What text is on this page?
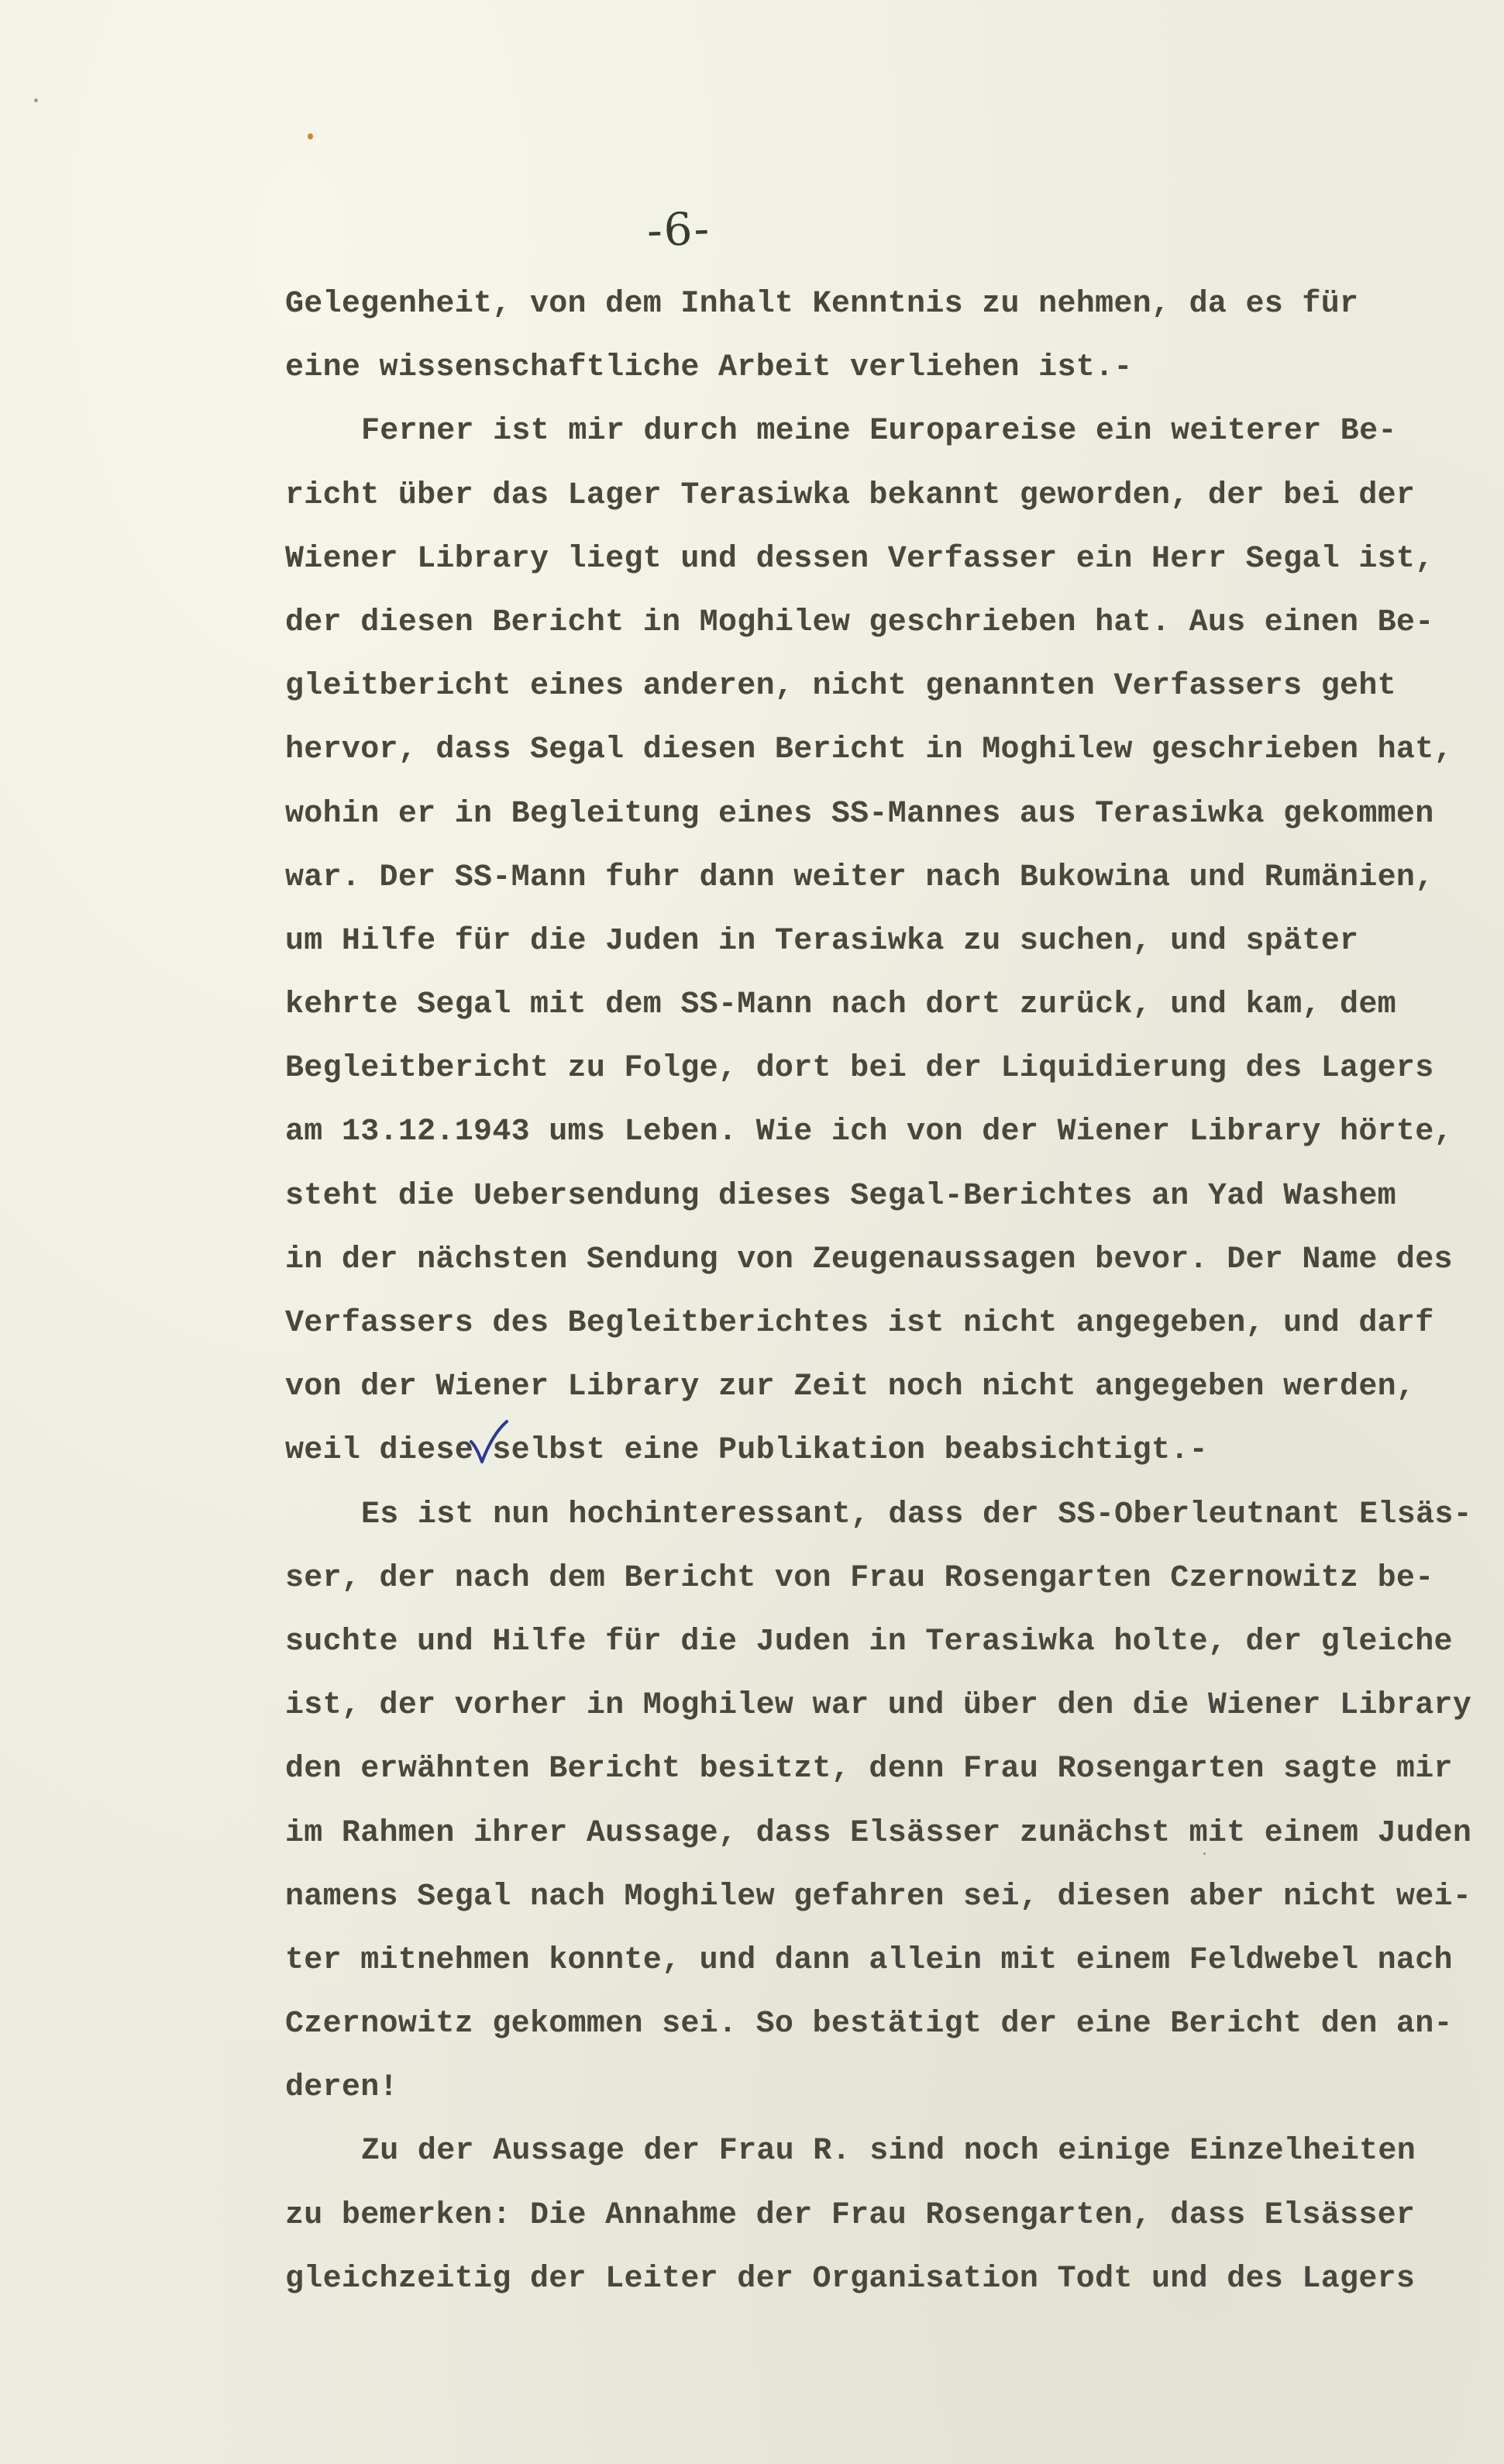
-6-
Gelegenheit, von dem Inhalt Kenntnis zu nehmen, da es für
eine wissenschaftliche Arbeit verliehen ist.-
Ferner ist mir durch meine Europareise ein weiterer Be-
richt über das Lager Terasiwka bekannt geworden, der bei der
Wiener Library liegt und dessen Verfasser ein Herr Segal ist,
der diesen Bericht in Moghilew geschrieben hat. Aus einen Be-
gleitbericht eines anderen, nicht genannten Verfassers geht
hervor, dass Segal diesen Bericht in Moghilew geschrieben hat,
wohin er in Begleitung eines SS-Mannes aus Terasiwka gekommen
war. Der SS-Mann fuhr dann weiter nach Bukowina und Rumänien,
um Hilfe für die Juden in Terasiwka zu suchen, und später
kehrte Segal mit dem SS-Mann nach dort zurück, und kam, dem
Begleitbericht zu Folge, dort bei der Liquidierung des Lagers
am 13.12.1943 ums Leben. Wie ich von der Wiener Library hörte,
steht die Uebersendung dieses Segal-Berichtes an Yad Washem
in der nächsten Sendung von Zeugenaussagen bevor. Der Name des
Verfassers des Begleitberichtes ist nicht angegeben, und darf
von der Wiener Library zur Zeit noch nicht angegeben werden,
weil diese selbst eine Publikation beabsichtigt.-
Es ist nun hochinteressant, dass der SS-Oberleutnant Elsäs-
ser, der nach dem Bericht von Frau Rosengarten Czernowitz be-
suchte und Hilfe für die Juden in Terasiwka holte, der gleiche
ist, der vorher in Moghilew war und über den die Wiener Library
den erwähnten Bericht besitzt, denn Frau Rosengarten sagte mir
im Rahmen ihrer Aussage, dass Elsässer zunächst mit einem Juden
namens Segal nach Moghilew gefahren sei, diesen aber nicht wei-
ter mitnehmen konnte, und dann allein mit einem Feldwebel nach
Czernowitz gekommen sei. So bestätigt der eine Bericht den an-
deren!
Zu der Aussage der Frau R. sind noch einige Einzelheiten
zu bemerken: Die Annahme der Frau Rosengarten, dass Elsässer
gleichzeitig der Leiter der Organisation Todt und des Lagers
